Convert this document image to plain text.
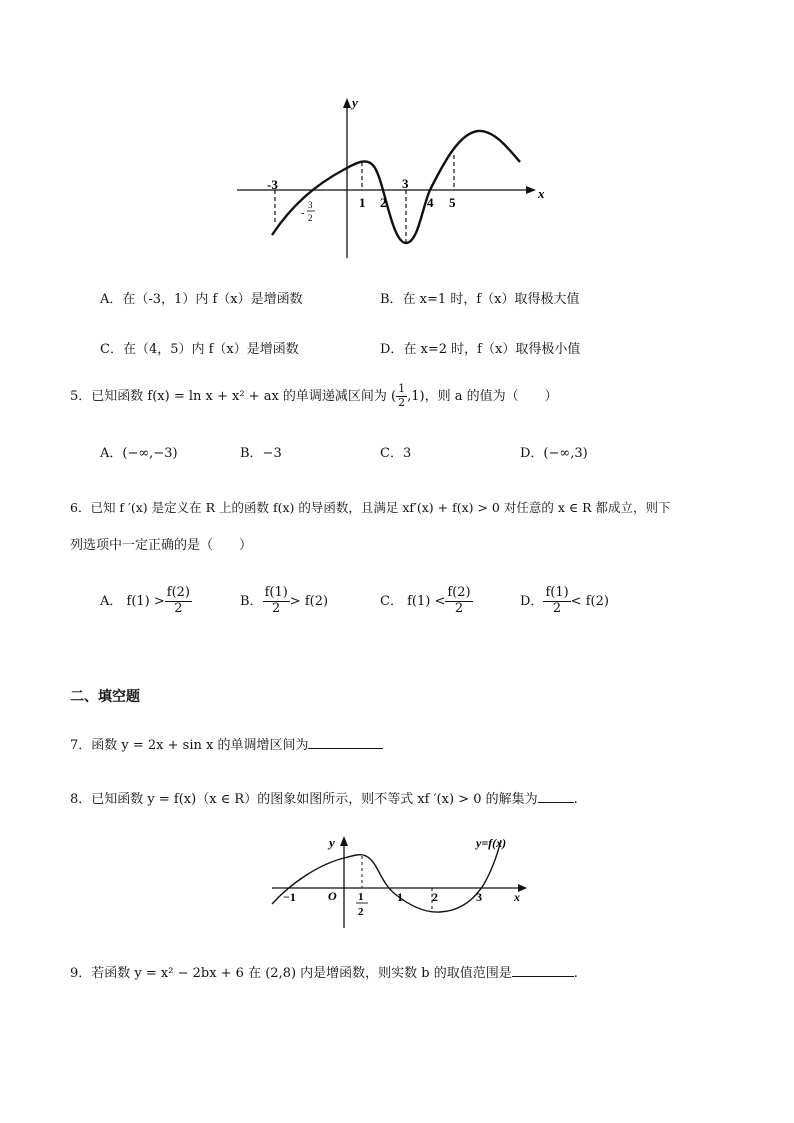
y
x
-3
-
3
2
1 2
3
4 5
A．在（-3，1）内 f（x）是增函数	B．在 x=1 时，f（x）取得极大值
C．在（4，5）内 f（x）是增函数	D．在 x=2 时，f（x）取得极小值
5．已知函数 f(x) = ln x + x² + ax 的单调递减区间为 ( $\frac{1}{2} ,1$)，则 a 的值为（　　）
A．(−∞,−3)	B．−3	C．3	D．(−∞,3)
6．已知 f ′(x) 是定义在 R 上的函数 f(x) 的导函数，且满足 xf′(x) + f(x) > 0 对任意的 x ∈ R 都成立，则下
列选项中一定正确的是（　　）
A． $f(1) > \frac{f(2)}{2}$	B． $\frac{f(1)}{2} > f(2)$	C． $f(1) < \frac{f(2)}{2}$	D． $\frac{f(1)}{2} < f(2)$
二、填空题
7．函数 y = 2x + sin x 的单调增区间为
8．已知函数 y = f(x)（x ∈ R）的图象如图所示，则不等式 xf ′(x) > 0 的解集为	.
y
x
y=f(x)
−1	O 1
2
1 2	3
9．若函数 y = x² − 2bx + 6 在 (2,8) 内是增函数，则实数 b 的取值范围是	.
